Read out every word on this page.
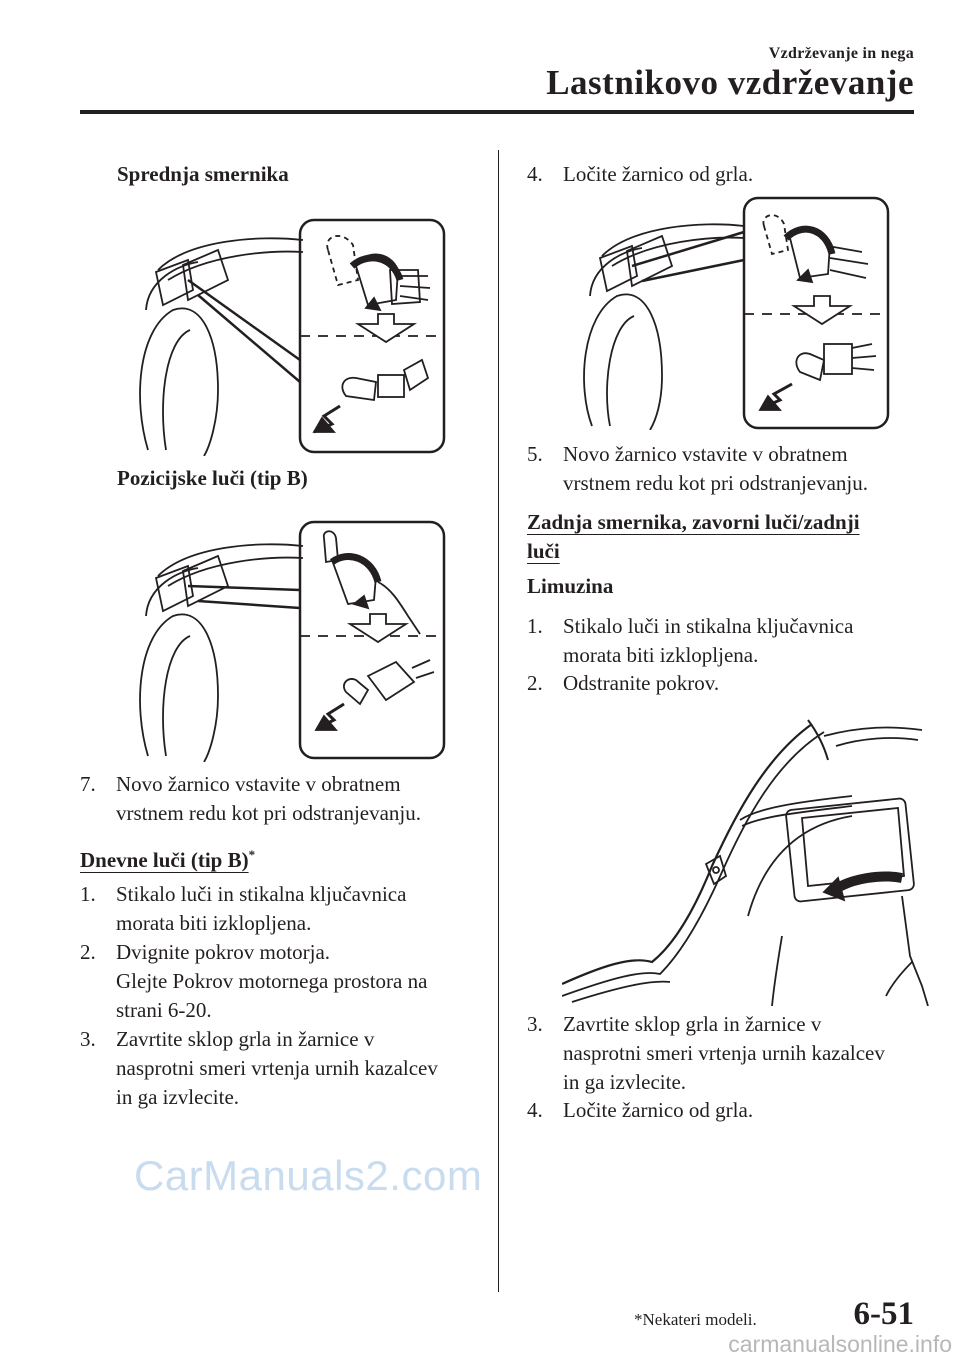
Vzdrževanje in nega
Lastnikovo vzdrževanje
Sprednja smernika
Pozicijske luči (tip B)
7. Novo žarnico vstavite v obratnem
vrstnem redu kot pri odstranjevanju.
Dnevne luči (tip B)*
1. Stikalo luči in stikalna ključavnica
morata biti izklopljena.
2. Dvignite pokrov motorja.
Glejte Pokrov motornega prostora na
strani 6-20.
3. Zavrtite sklop grla in žarnice v
nasprotni smeri vrtenja urnih kazalcev
in ga izvlecite.
4. Ločite žarnico od grla.
5. Novo žarnico vstavite v obratnem
vrstnem redu kot pri odstranjevanju.
Zadnja smernika, zavorni luči/zadnji
luči
Limuzina
1. Stikalo luči in stikalna ključavnica
morata biti izklopljena.
2. Odstranite pokrov.
3. Zavrtite sklop grla in žarnice v
nasprotni smeri vrtenja urnih kazalcev
in ga izvlecite.
4. Ločite žarnico od grla.
CarManuals2.com
carmanualsonline.info
*Nekateri modeli.	6-51
